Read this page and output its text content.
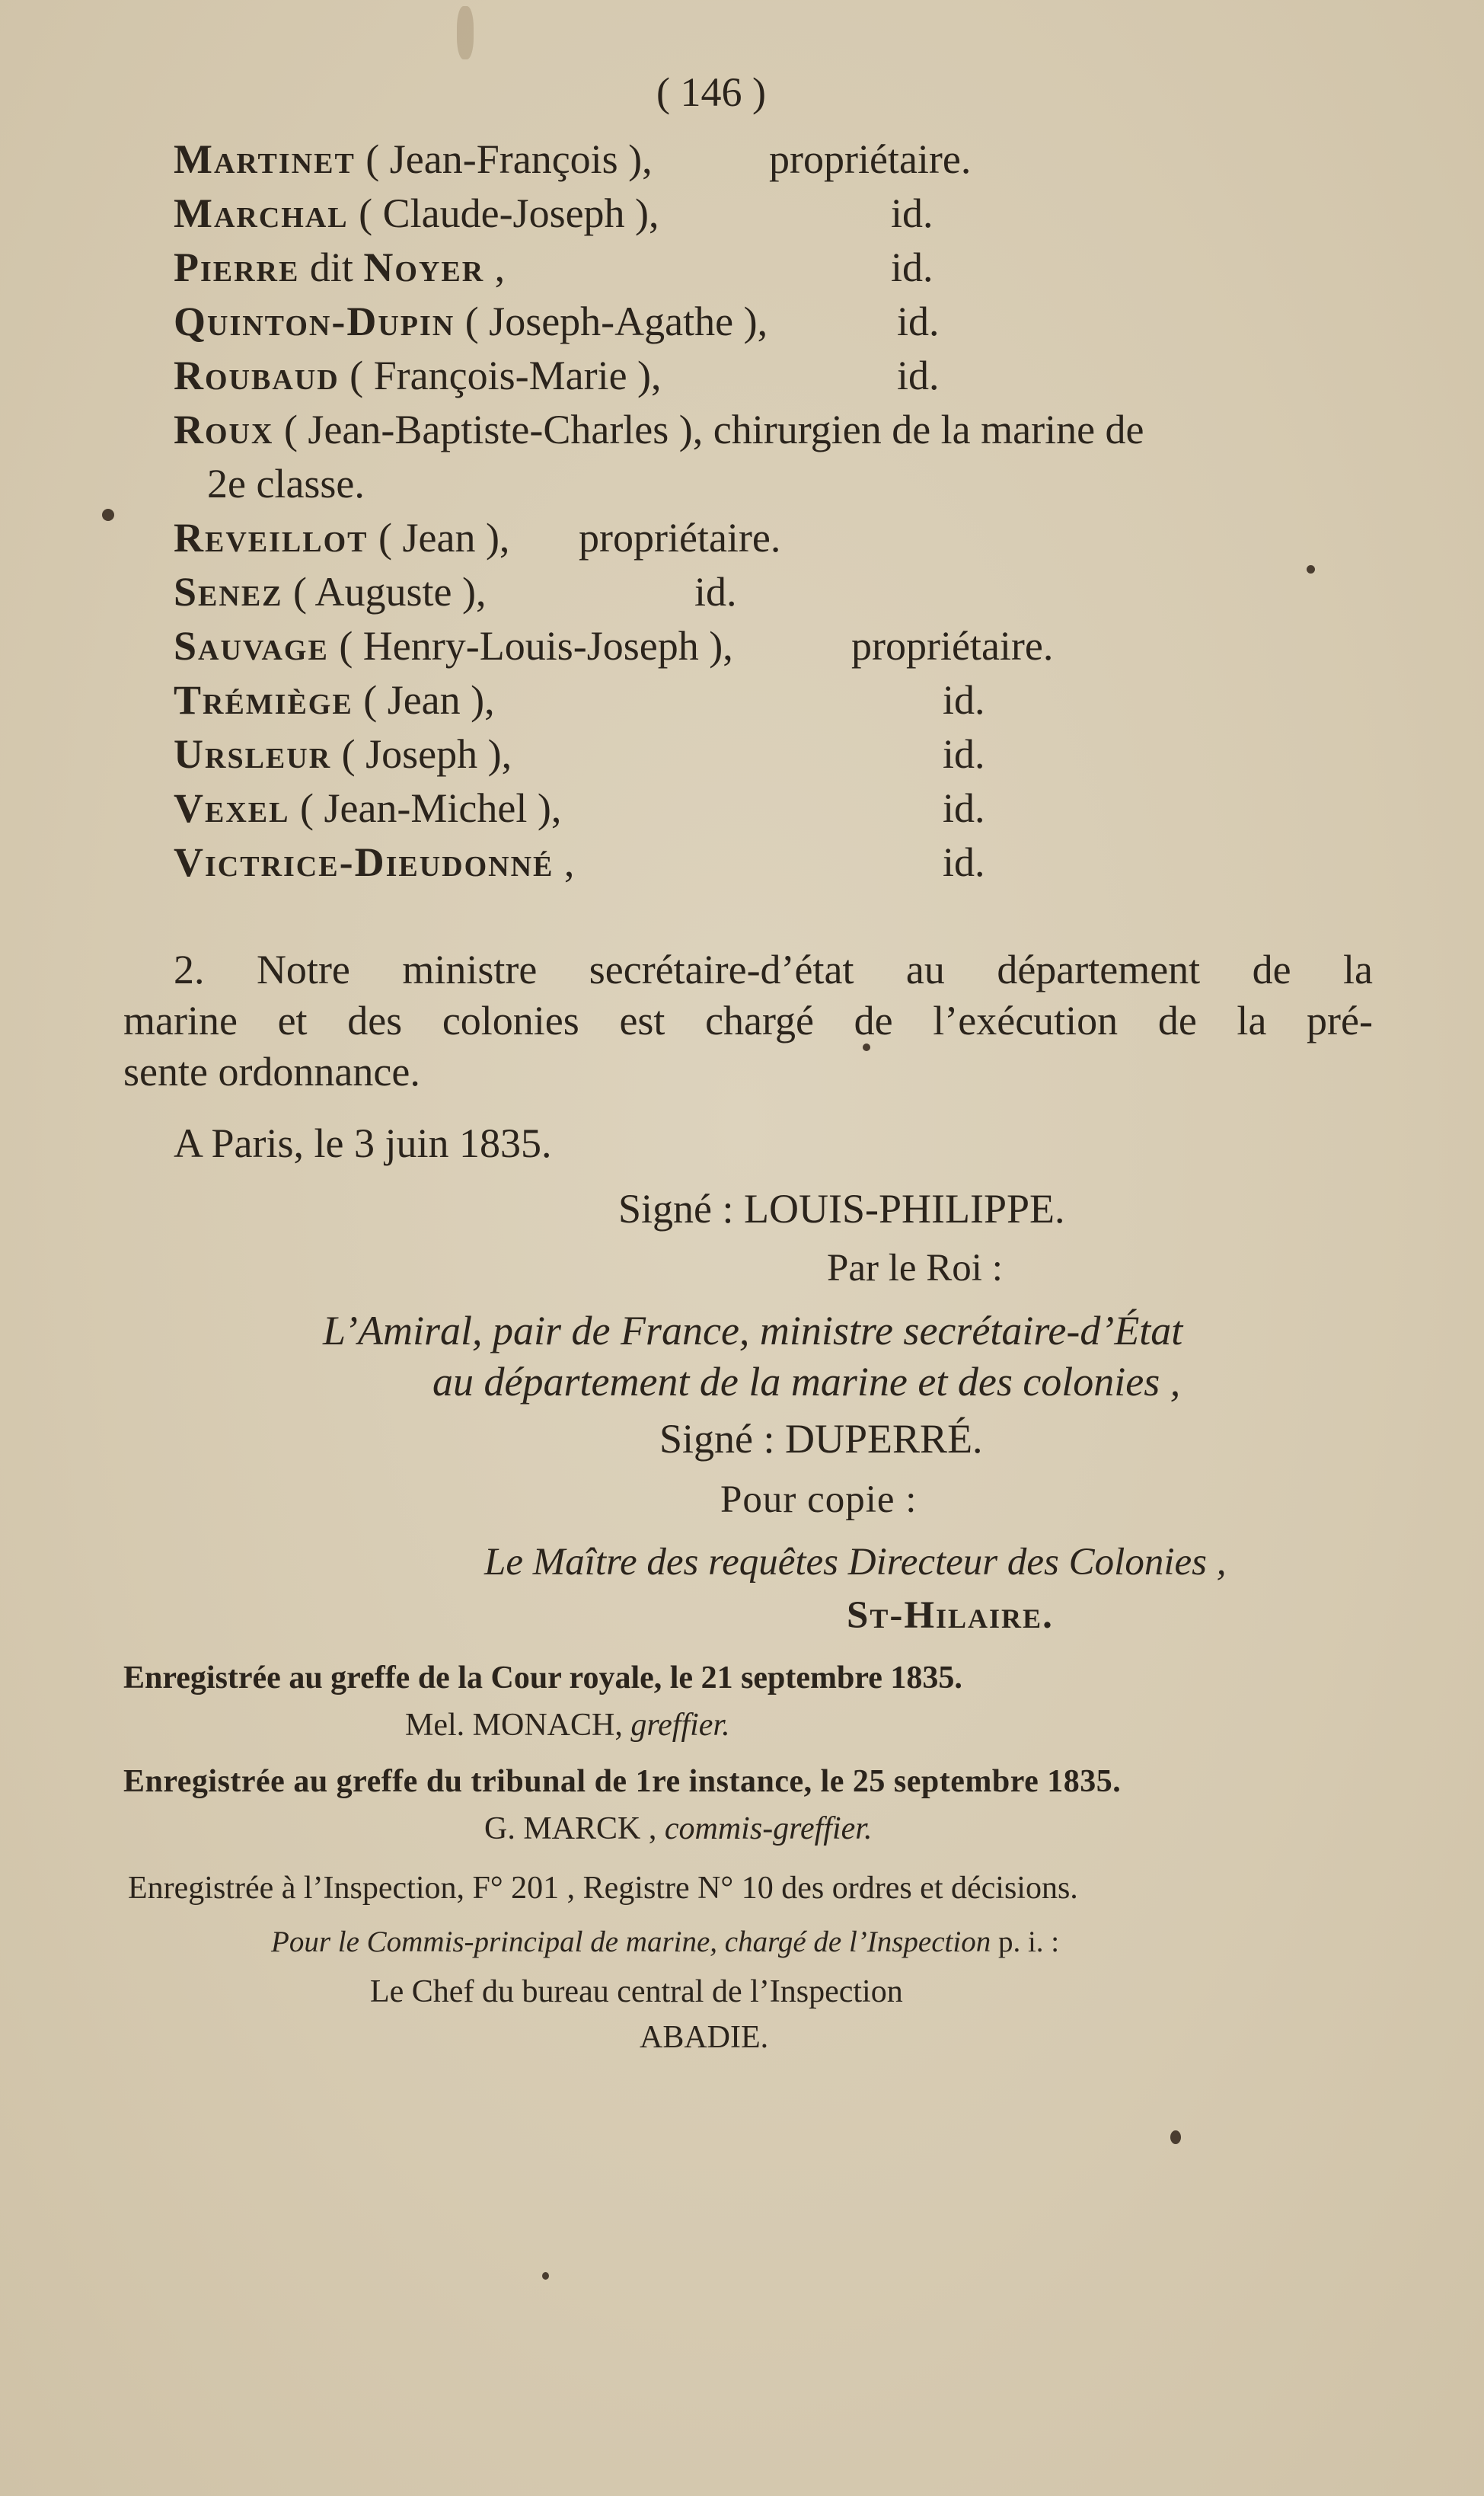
( 146 )
Martinet ( Jean-François ),	propriétaire.
Marchal ( Claude-Joseph ),	id.
Pierre dit Noyer ,	id.
Quinton-Dupin ( Joseph-Agathe ),	id.
Roubaud ( François-Marie ),	id.
Roux ( Jean-Baptiste-Charles ), chirurgien de la marine de
2e classe.
Reveillot ( Jean ), propriétaire.
Senez ( Auguste ),	id.
Sauvage ( Henry-Louis-Joseph ),	propriétaire.
Trémiège ( Jean ),	id.
Ursleur ( Joseph ),	id.
Vexel ( Jean-Michel ),	id.
Victrice-Dieudonné ,	id.
2. Notre ministre secrétaire-d’état au département de la
marine et des colonies est chargé de l’exécution de la pré-
sente ordonnance.
A Paris, le 3 juin 1835.
Signé : LOUIS-PHILIPPE.
Par le Roi :
L’Amiral, pair de France, ministre secrétaire-d’État
au département de la marine et des colonies ,
Signé : DUPERRÉ.
Pour copie :
Le Maître des requêtes Directeur des Colonies ,
St-Hilaire.
Enregistrée au greffe de la Cour royale, le 21 septembre 1835.
Mel. MONACH, greffier.
Enregistrée au greffe du tribunal de 1re instance, le 25 septembre 1835.
G. MARCK , commis-greffier.
Enregistrée à l’Inspection, F° 201 , Registre N° 10 des ordres et décisions.
Pour le Commis-principal de marine, chargé de l’Inspection p. i. :
Le Chef du bureau central de l’Inspection
ABADIE.
